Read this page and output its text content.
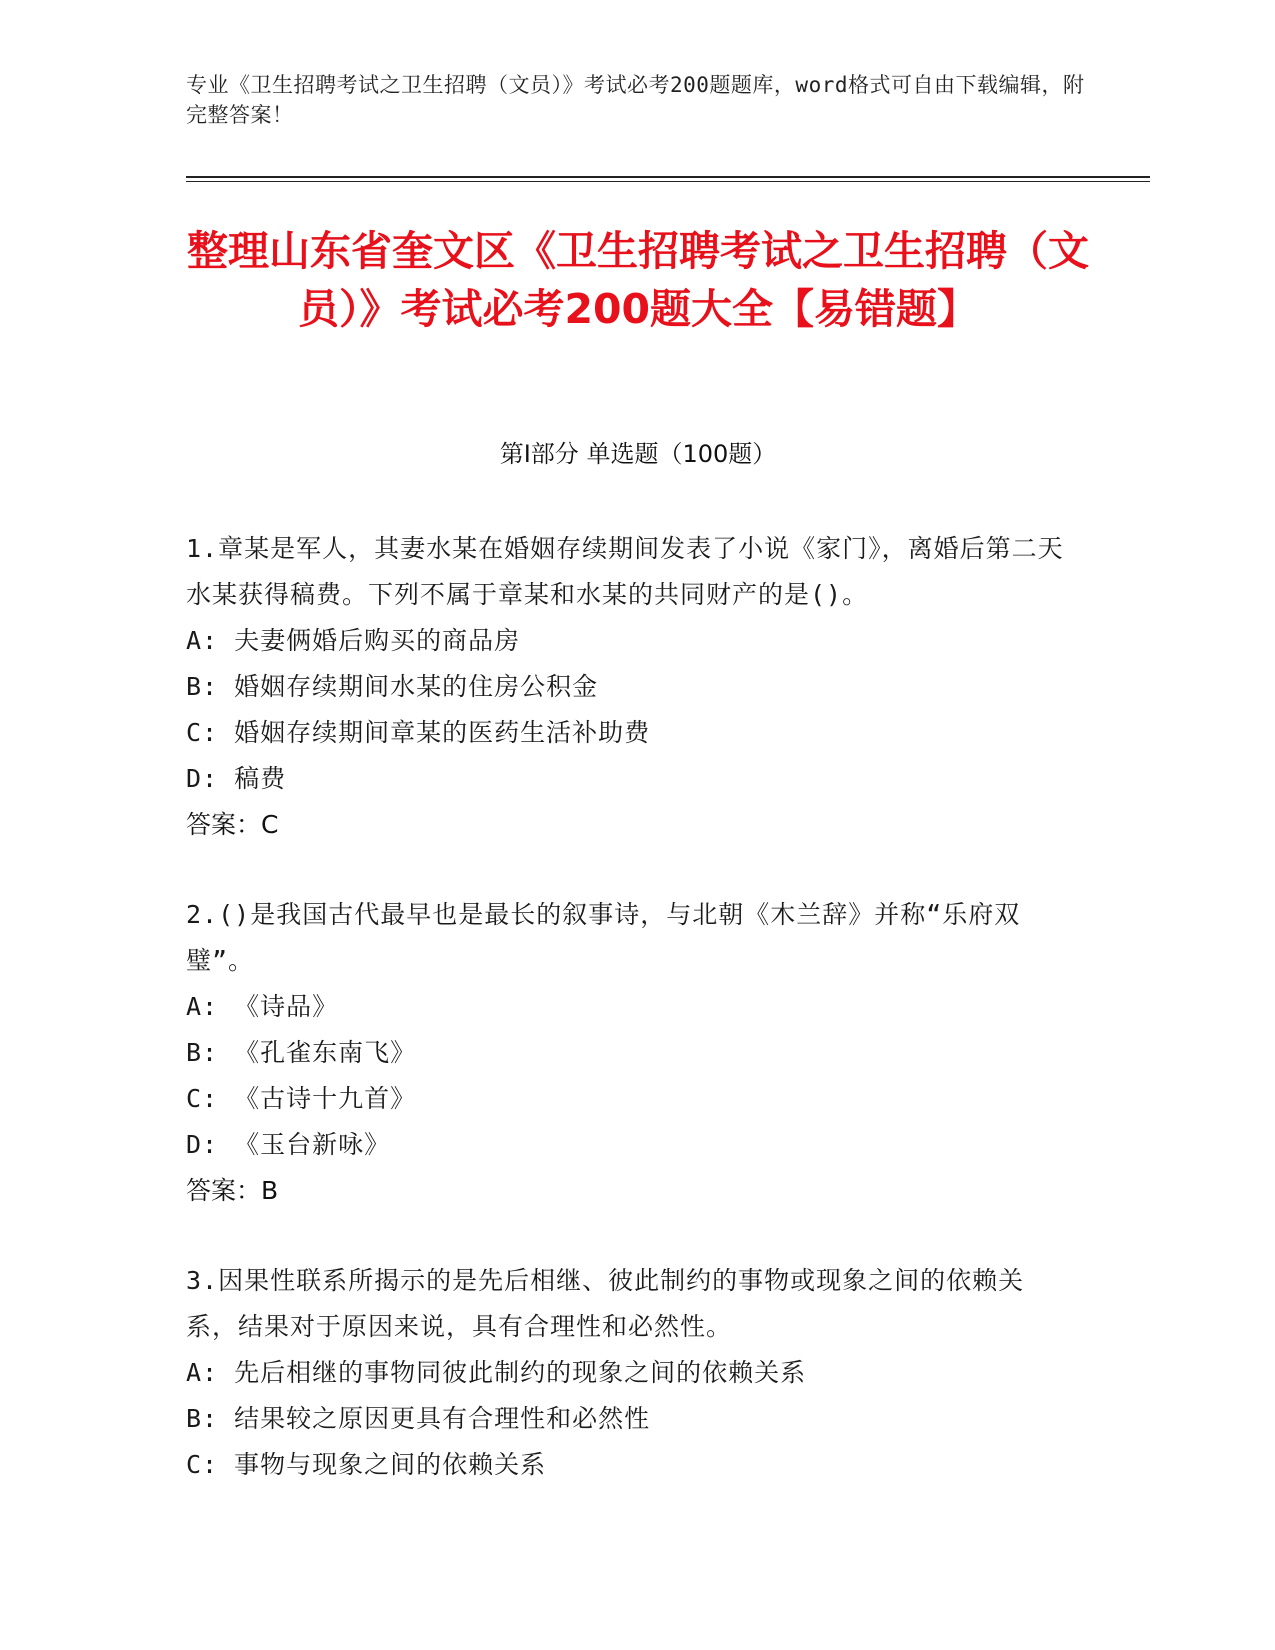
专业《卫生招聘考试之卫生招聘（文员）》考试必考200题题库，word格式可自由下载编辑，附完整答案！
整理山东省奎文区《卫生招聘考试之卫生招聘（文员）》考试必考200题大全【易错题】
第I部分 单选题（100题）

1.章某是军人，其妻水某在婚姻存续期间发表了小说《家门》，离婚后第二天水某获得稿费。下列不属于章某和水某的共同财产的是()。

A: 夫妻俩婚后购买的商品房

B: 婚姻存续期间水某的住房公积金

C: 婚姻存续期间章某的医药生活补助费

D: 稿费

答案：C

2.()是我国古代最早也是最长的叙事诗，与北朝《木兰辞》并称“乐府双璧”。

A: 《诗品》

B: 《孔雀东南飞》

C: 《古诗十九首》

D: 《玉台新咏》

答案：B

3.因果性联系所揭示的是先后相继、彼此制约的事物或现象之间的依赖关系，结果对于原因来说，具有合理性和必然性。

A: 先后相继的事物同彼此制约的现象之间的依赖关系

B: 结果较之原因更具有合理性和必然性

C: 事物与现象之间的依赖关系
